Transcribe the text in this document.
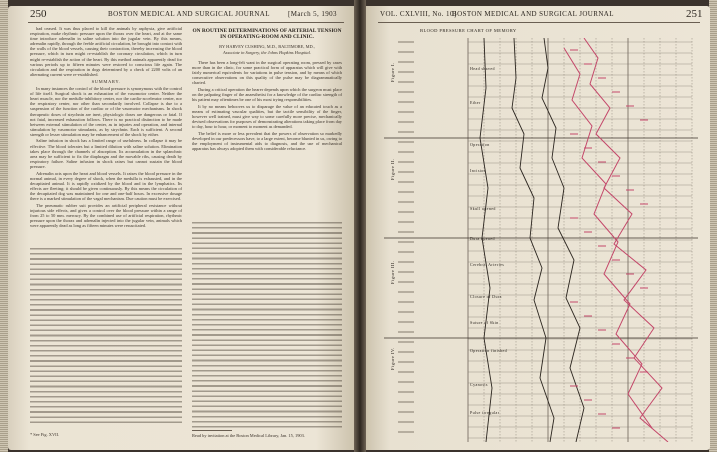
250	BOSTON MEDICAL AND SURGICAL JOURNAL	[March 5, 1903

had ceased. It was thus placed to kill the animals by asphyxia, give artificial respiration, make rhythmic pressure upon the thorax over the heart, and at the same time introduce adrenalin in saline solution into the jugular vein. By this means, adrenalin rapidly, through the feeble artificial circulation, be brought into contact with the walls of the blood vessels, causing their contraction, thereby increasing the blood pressure, which in turn might re-establish the coronary circulation, which in turn might re-establish the action of the heart. By this method animals apparently dead for various periods up to fifteen minutes were restored to conscious life again. The circulation and the respiration in dogs determined by a check of 2200 volts of an alternating current were re-established.

SUMMARY.

In many instances the control of the blood pressure is synonymous with the control of life itself. Surgical shock is an exhaustion of the vasomotor center. Neither the heart muscle, nor the medullo-inhibitory center, nor the cardio-accelerator center, nor the respiratory center, nor other than secondarily involved. Collapse is due to a suspension of the function of the cardiac or of the vasomotor mechanisms. In shock therapeutic doses of strychnin are inert, physiologic doses are dangerous or fatal. If not fatal, increased exhaustion follows. There is no practical distinction to be made between external stimulation of the center, as in injuries and operation, and internal stimulation by vasomotor stimulants, as by strychnin. Each is sufficient. A second strength or lesser stimulation may be enhancement of the shock by either.

Saline infusion in shock has a limited range of usefulness. In collapse it may be effective. The blood tolerates but a limited dilution with saline solution. Elimination takes place through the channels of absorption. Its accumulation in the splanchnic area may be sufficient to fix the diaphragm and the movable ribs, causing death by respiratory failure. Saline infusion in shock raises but cannot sustain the blood pressure.

Adrenalin acts upon the heart and blood vessels. It raises the blood pressure in the normal animal, in every degree of shock, when the medulla is exhausted, and in the decapitated animal. It is rapidly oxidized by the blood and in the lymphatics. Its effects are fleeting; it should be given continuously. By this means the circulation of the decapitated dog was maintained for one and one-half hours. In excessive dosage there is a marked stimulation of the vagal mechanism. Due caution must be exercised.

The pneumatic rubber suit provides an artificial peripheral resistance without injurious side effects, and gives a control over the blood pressure within a range of from 25 to 50 mm. mercury. By the combined use of artificial respiration, rhythmic pressure upon the thorax and adrenalin injected into the jugular vein, animals which were apparently dead as long as fifteen minutes were resuscitated.

* See Fig. XVII.
ON ROUTINE DETERMINATIONS OF ARTERIAL TENSION IN OPERATING-ROOM AND CLINIC.
BY HARVEY CUSHING, M.D., BALTIMORE, MD.,
Associate in Surgery, the Johns Hopkins Hospital.

There has been a long-felt want in the surgical operating room, pressed by cases more than in the clinic, for some practical form of apparatus which will give with fairly numerical equivalents for variations in pulse tension, and by means of which consecutive observations on this quality of the pulse may be diagrammatically charted.

During a critical operation the hearer depends upon which the surgeon must place on the palpating finger of the anaesthetist for a knowledge of the cardiac strength of his patient may oftentimes be one of his most trying responsibilities.

It by no means behooves us to disparage the value of an educated touch as a means of estimating vascular qualities, but the tactile sensibility of the finger, however well trained, must give way to some carefully more precise, mechanically devised observations for purposes of demonstrating alterations taking place from day to day, hour to hour, or moment to moment as demanded.

The belief is more or less prevalent that the powers of observation so markedly developed in our predecessors have, to a large extent, become blunted in us, owing to the employment of instrumental aids to diagnosis, and the use of mechanical apparatus has always adopted them with considerable reluctance.

Read by invitation at the Boston Medical Library, Jan. 15, 1903.
VOL. CXLVIII, No. 10]
BOSTON MEDICAL AND SURGICAL JOURNAL	251
BLOOD PRESSURE CHART OF MEMORY
Figure I.
Figure II.
Figure III.
Figure IV.
Head shaved
Ether
Operation
Incision
Skull opened
Dura opened
Cerebral Arteries
Closure of Dura
Suture of Skin
Operation finished
Cyanosis
Pulse irregular
